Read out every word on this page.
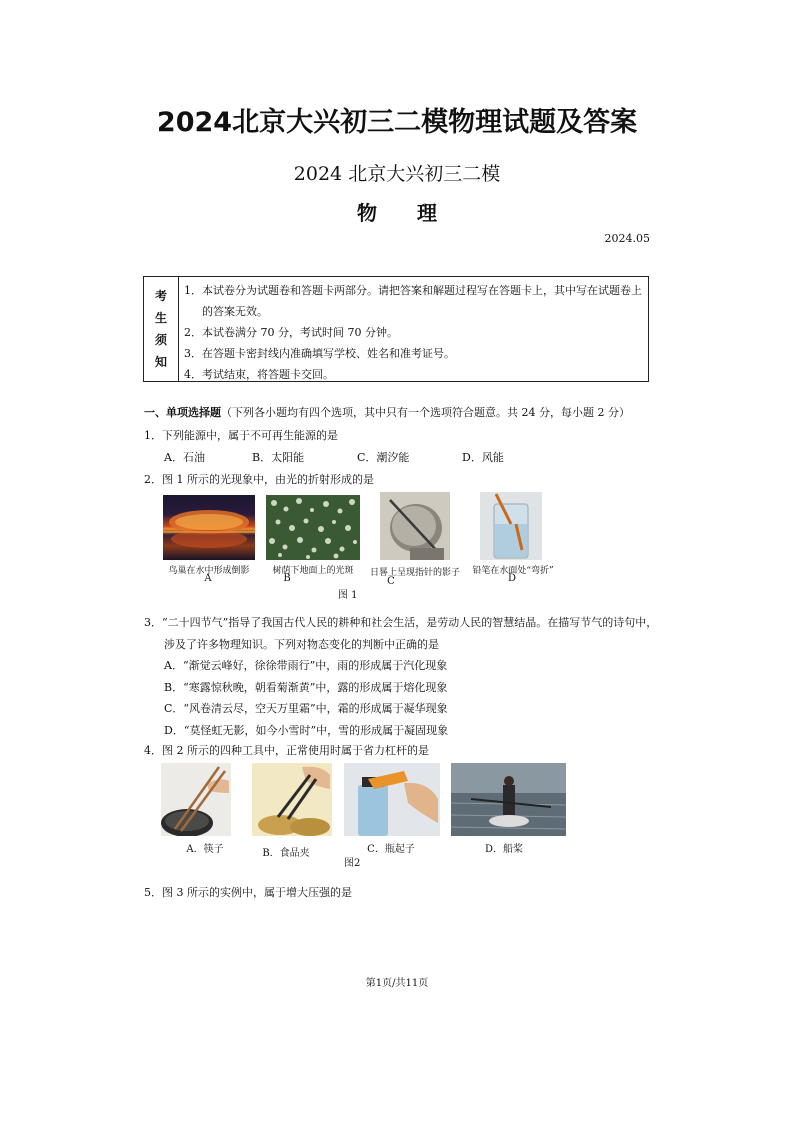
2024北京大兴初三二模物理试题及答案
2024 北京大兴初三二模
物 理
2024.05
考
生
须
知
1．本试卷分为试题卷和答题卡两部分。请把答案和解题过程写在答题卡上，其中写在试题卷上
的答案无效。
2．本试卷满分 70 分，考试时间 70 分钟。
3．在答题卡密封线内准确填写学校、姓名和准考证号。
4．考试结束，将答题卡交回。
一、单项选择题（下列各小题均有四个选项，其中只有一个选项符合题意。共 24 分，每小题 2 分）
1．下列能源中，属于不可再生能源的是
A．石油	B．太阳能	C．潮汐能	D．风能
2．图 1 所示的光现象中，由光的折射形成的是
鸟巢在水中形成倒影	树荫下地面上的光斑	日晷上呈现指针的影子	铅笔在水面处“弯折”
A	B	C	D
图 1
3．“二十四节气”指导了我国古代人民的耕种和社会生活，是劳动人民的智慧结晶。在描写节气的诗句中，
涉及了许多物理知识。下列对物态变化的判断中正确的是
A．“渐觉云峰好，徐徐带雨行”中，雨的形成属于汽化现象
B．“寒露惊秋晚，朝看菊渐黄”中，露的形成属于熔化现象
C．“风卷清云尽，空天万里霜”中，霜的形成属于凝华现象
D．“莫怪虹无影，如今小雪时”中，雪的形成属于凝固现象
4．图 2 所示的四种工具中，正常使用时属于省力杠杆的是
A．筷子	B．食品夹	C．瓶起子	D．船桨
图2
5．图 3 所示的实例中，属于增大压强的是
第1页/共11页
